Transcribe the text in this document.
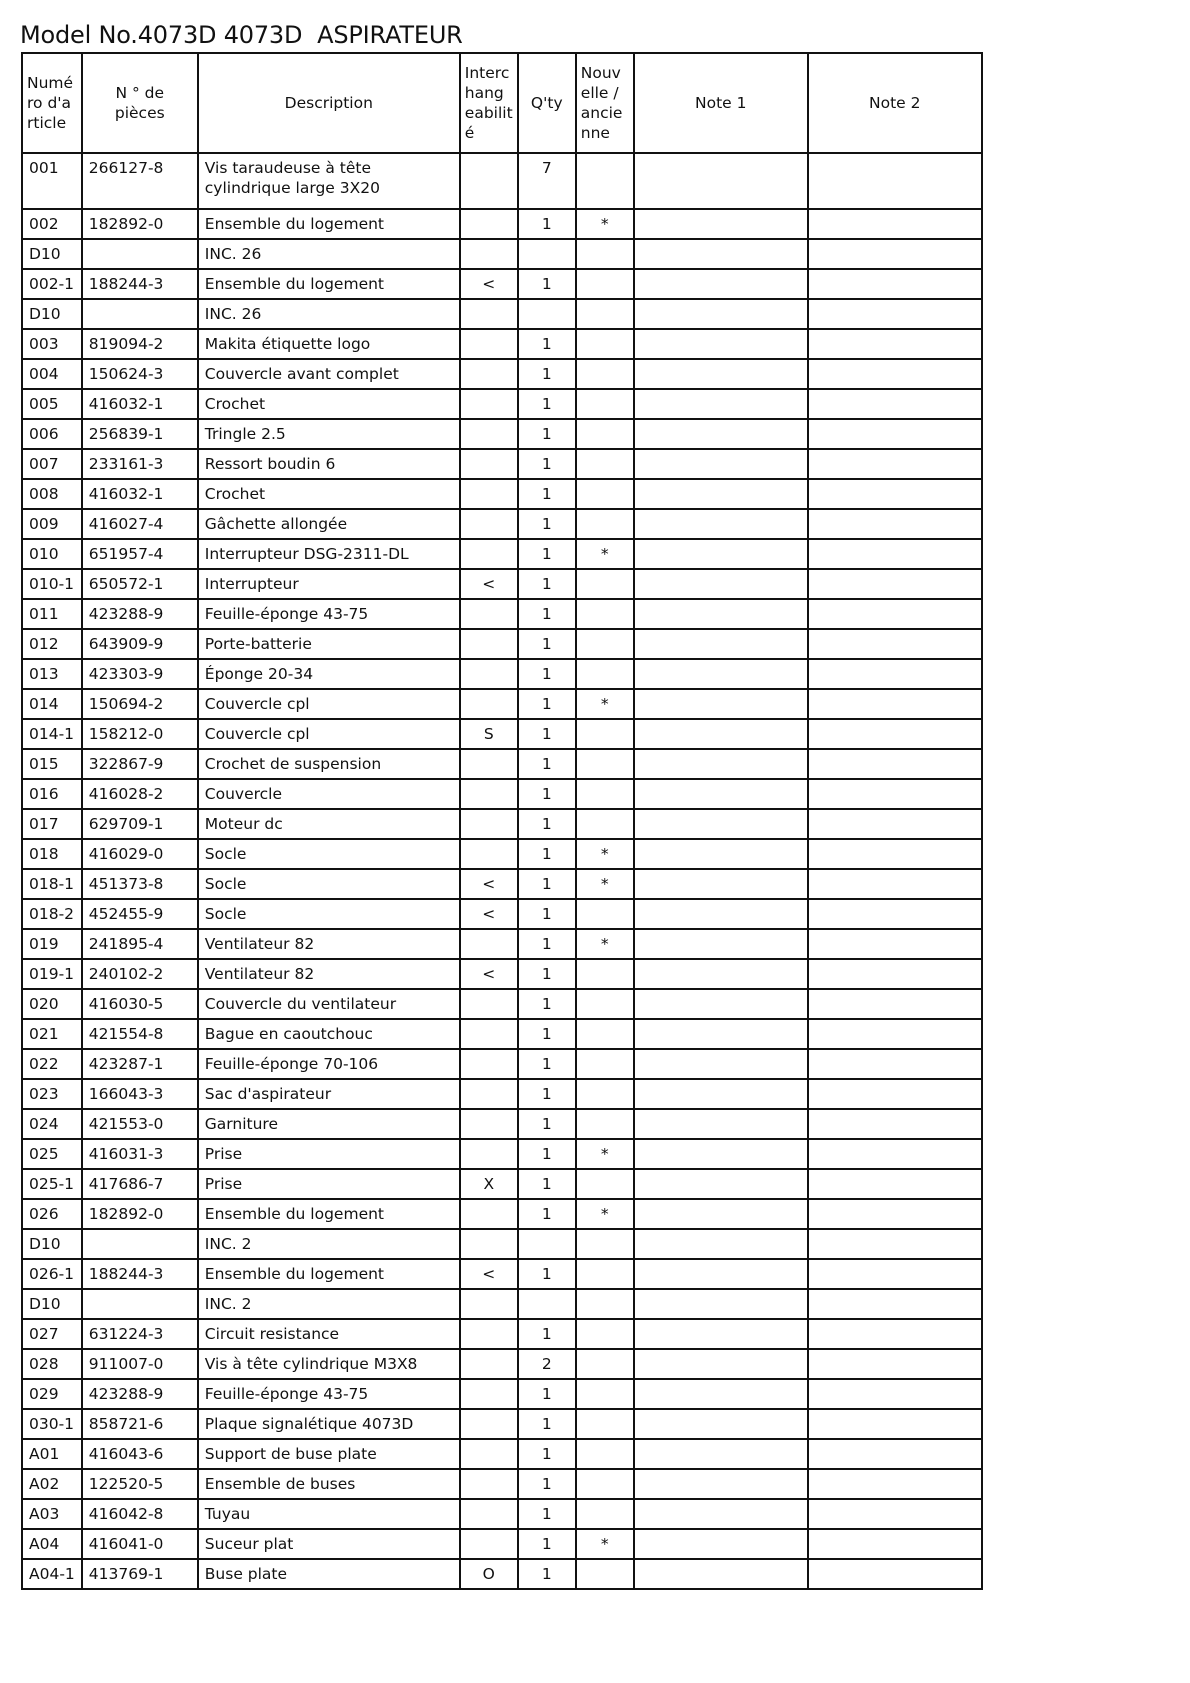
Model No.4073D 4073D  ASPIRATEUR
Numéro d'article	N ° de pièces	Description	Interchangeabilité	Q'ty	Nouvelle / ancienne	Note 1	Note 2
001	266127-8	Vis taraudeuse à tête cylindrique large 3X20		7			
002	182892-0	Ensemble du logement		1	*		
D10		INC. 26					
002-1	188244-3	Ensemble du logement	<	1			
D10		INC. 26					
003	819094-2	Makita étiquette logo		1			
004	150624-3	Couvercle avant complet		1			
005	416032-1	Crochet		1			
006	256839-1	Tringle 2.5		1			
007	233161-3	Ressort boudin 6		1			
008	416032-1	Crochet		1			
009	416027-4	Gâchette allongée		1			
010	651957-4	Interrupteur DSG-2311-DL		1	*		
010-1	650572-1	Interrupteur	<	1			
011	423288-9	Feuille-éponge 43-75		1			
012	643909-9	Porte-batterie		1			
013	423303-9	Éponge 20-34		1			
014	150694-2	Couvercle cpl		1	*		
014-1	158212-0	Couvercle cpl	S	1			
015	322867-9	Crochet de suspension		1			
016	416028-2	Couvercle		1			
017	629709-1	Moteur dc		1			
018	416029-0	Socle		1	*		
018-1	451373-8	Socle	<	1	*		
018-2	452455-9	Socle	<	1			
019	241895-4	Ventilateur 82		1	*		
019-1	240102-2	Ventilateur 82	<	1			
020	416030-5	Couvercle du ventilateur		1			
021	421554-8	Bague en caoutchouc		1			
022	423287-1	Feuille-éponge 70-106		1			
023	166043-3	Sac d'aspirateur		1			
024	421553-0	Garniture		1			
025	416031-3	Prise		1	*		
025-1	417686-7	Prise	X	1			
026	182892-0	Ensemble du logement		1	*		
D10		INC. 2					
026-1	188244-3	Ensemble du logement	<	1			
D10		INC. 2					
027	631224-3	Circuit resistance		1			
028	911007-0	Vis à tête cylindrique M3X8		2			
029	423288-9	Feuille-éponge 43-75		1			
030-1	858721-6	Plaque signalétique 4073D		1			
A01	416043-6	Support de buse plate		1			
A02	122520-5	Ensemble de buses		1			
A03	416042-8	Tuyau		1			
A04	416041-0	Suceur plat		1	*		
A04-1	413769-1	Buse plate	O	1			
